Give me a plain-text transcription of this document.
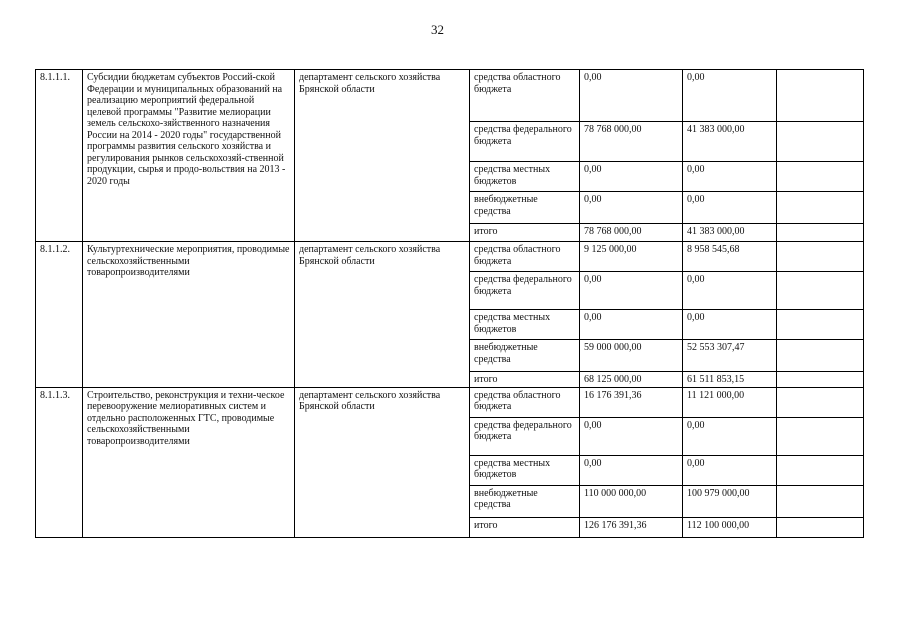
32
8.1.1.1.	Субсидии бюджетам субъектов Россий-ской Федерации и муниципальных образований на реализацию мероприятий федеральной целевой программы "Развитие мелиорации земель сельскохо-зяйственного назначения России на 2014 - 2020 годы" государственной программы развития сельского хозяйства и регулирования рынков сельскохозяй-ственной продукции, сырья и продо-вольствия на 2013 - 2020 годы	департамент сельского хозяйства Брянской области	средства областного бюджета	0,00	0,00	
			средства федерального бюджета	78 768 000,00	41 383 000,00	
			средства местных бюджетов	0,00	0,00	
			внебюджетные средства	0,00	0,00	
			итого	78 768 000,00	41 383 000,00	
8.1.1.2.	Культуртехнические мероприятия, проводимые сельскохозяйственными товаропроизводителями	департамент сельского хозяйства Брянской области	средства областного бюджета	9 125 000,00	8 958 545,68	
			средства федерального бюджета	0,00	0,00	
			средства местных бюджетов	0,00	0,00	
			внебюджетные средства	59 000 000,00	52 553 307,47	
			итого	68 125 000,00	61 511 853,15	
8.1.1.3.	Строительство, реконструкция и техни-ческое перевооружение мелиоративных систем и отдельно расположенных ГТС, проводимые сельскохозяйственными товаропроизводителями	департамент сельского хозяйства Брянской области	средства областного бюджета	16 176 391,36	11 121 000,00	
			средства федерального бюджета	0,00	0,00	
			средства местных бюджетов	0,00	0,00	
			внебюджетные средства	110 000 000,00	100 979 000,00	
			итого	126 176 391,36	112 100 000,00	
